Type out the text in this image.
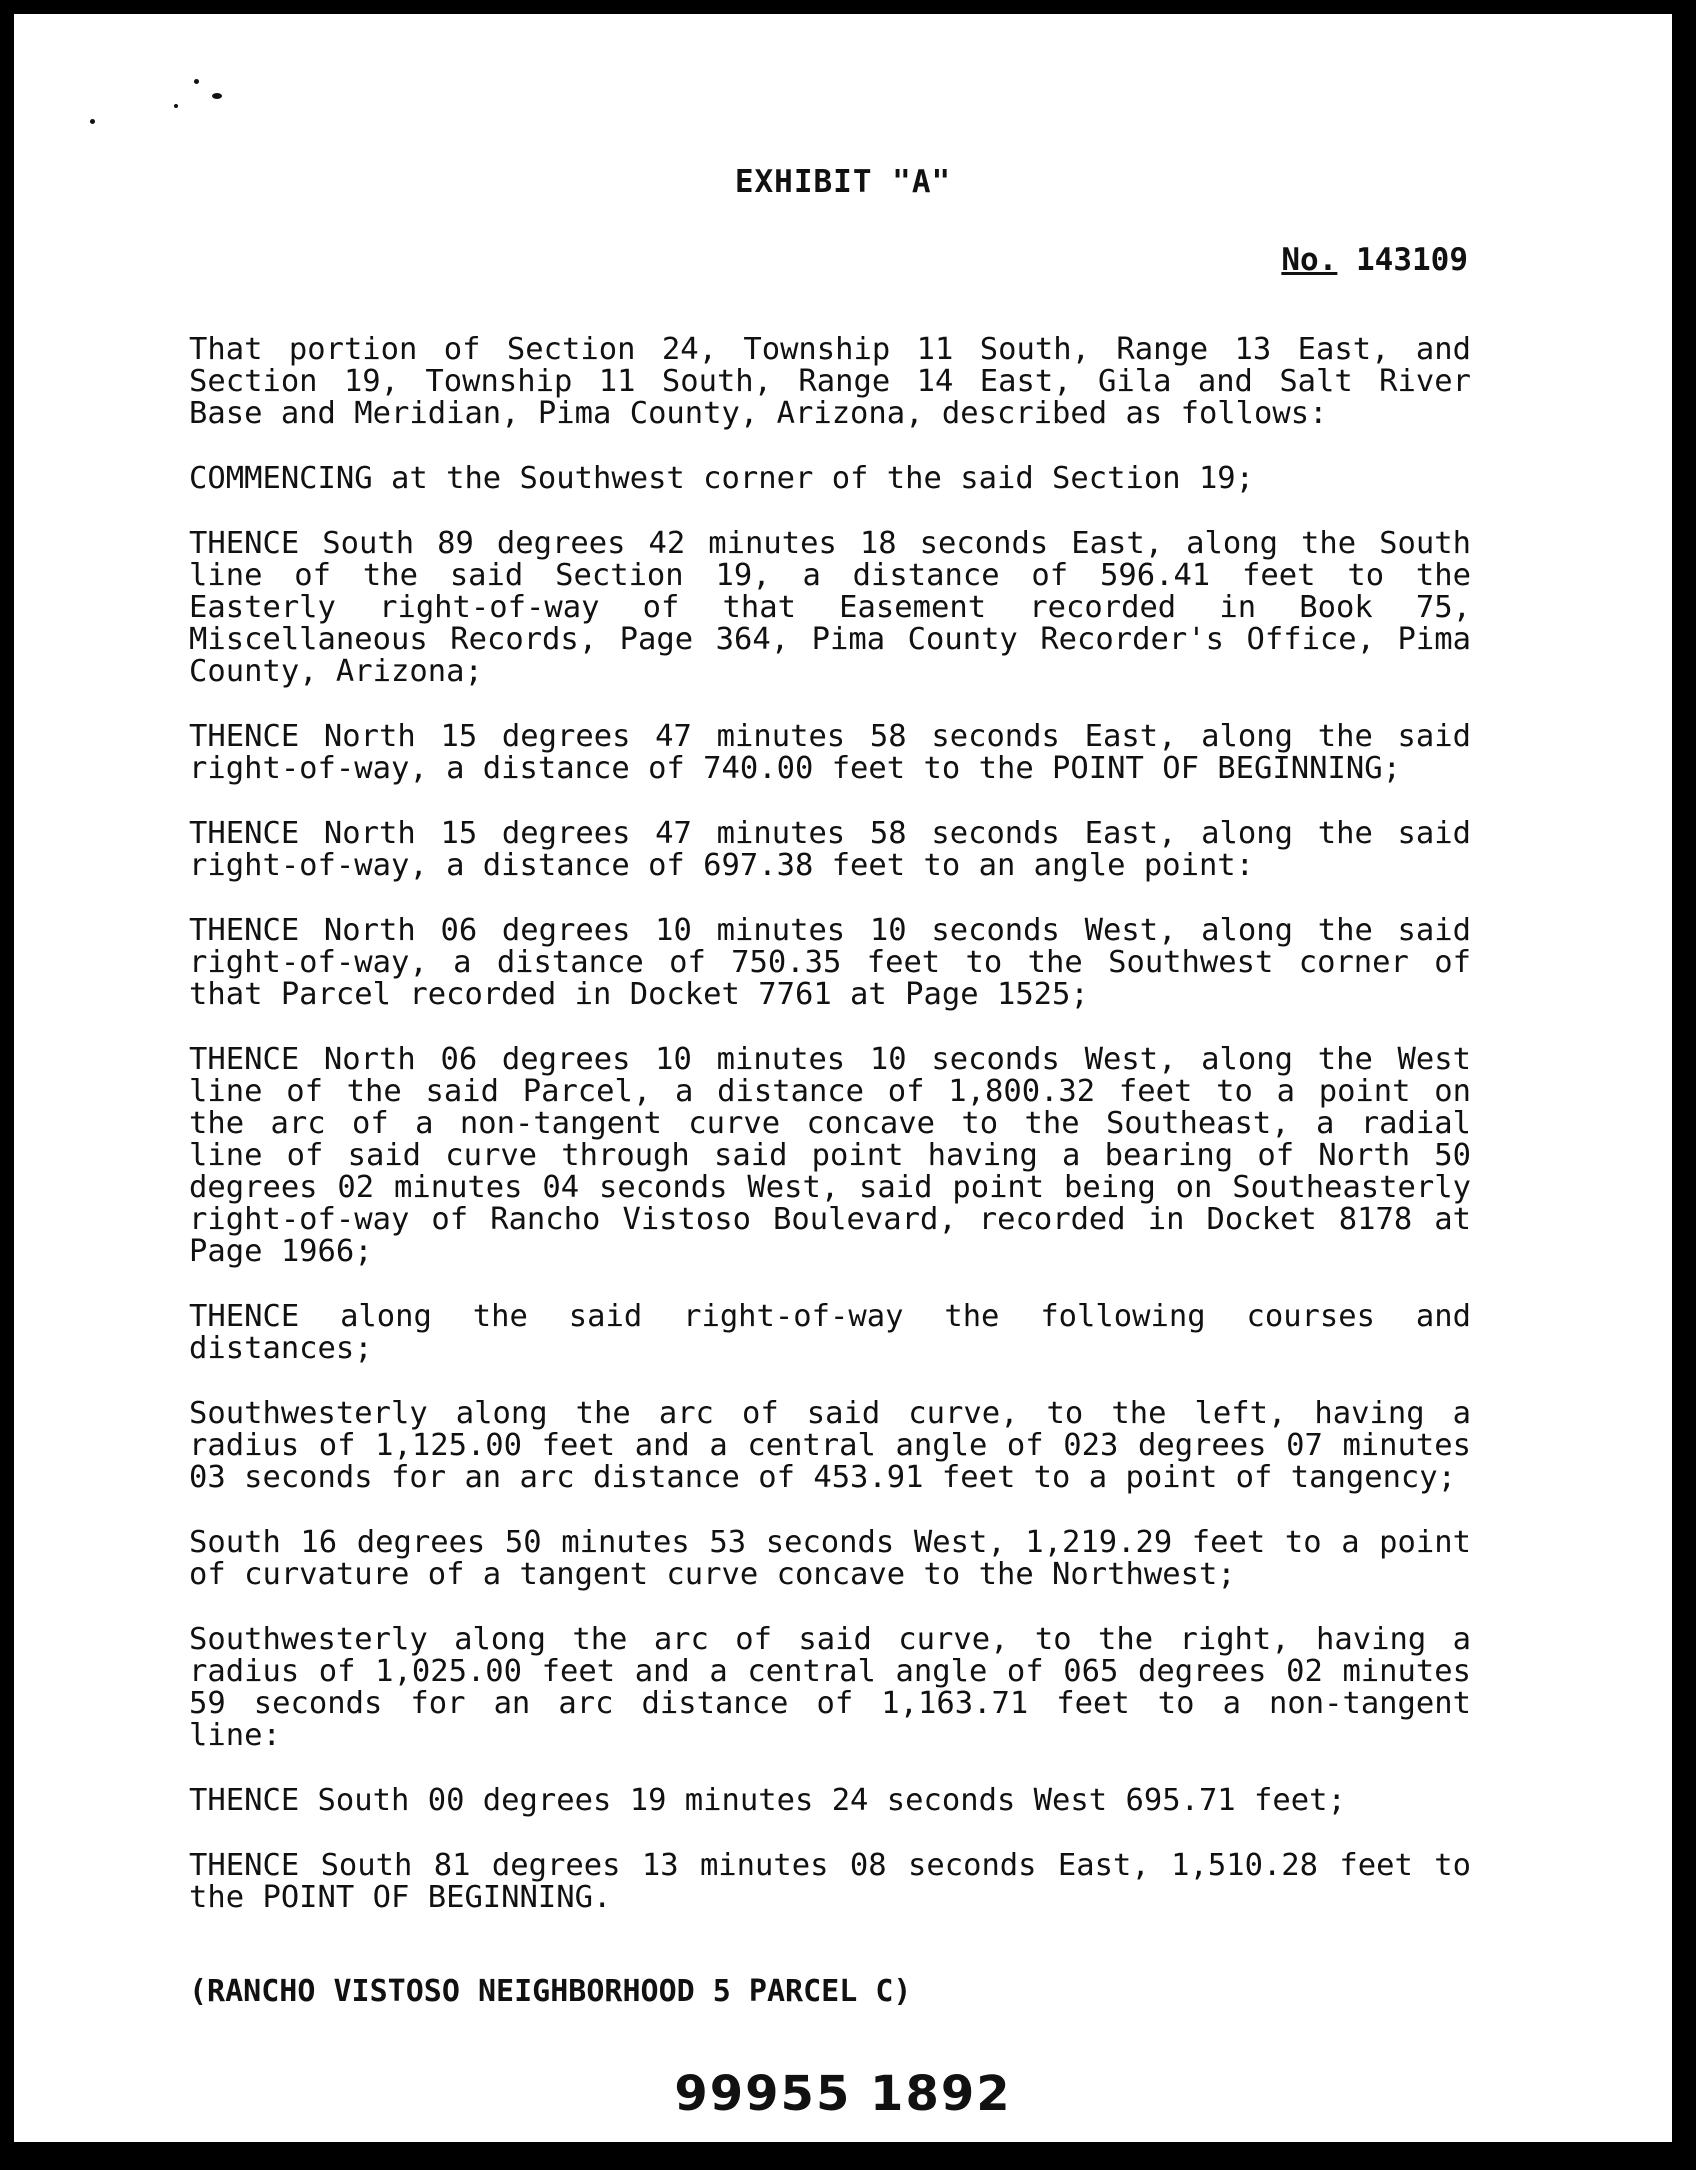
EXHIBIT "A"
No. 143109

That portion of Section 24, Township 11 South, Range 13 East, and Section 19, Township 11 South, Range 14 East, Gila and Salt River Base and Meridian, Pima County, Arizona, described as follows:

COMMENCING at the Southwest corner of the said Section 19;

THENCE South 89 degrees 42 minutes 18 seconds East, along the South line of the said Section 19, a distance of 596.41 feet to the Easterly right-of-way of that Easement recorded in Book 75, Miscellaneous Records, Page 364, Pima County Recorder's Office, Pima County, Arizona;

THENCE North 15 degrees 47 minutes 58 seconds East, along the said right-of-way, a distance of 740.00 feet to the POINT OF BEGINNING;

THENCE North 15 degrees 47 minutes 58 seconds East, along the said right-of-way, a distance of 697.38 feet to an angle point:

THENCE North 06 degrees 10 minutes 10 seconds West, along the said right-of-way, a distance of 750.35 feet to the Southwest corner of that Parcel recorded in Docket 7761 at Page 1525;

THENCE North 06 degrees 10 minutes 10 seconds West, along the West line of the said Parcel, a distance of 1,800.32 feet to a point on the arc of a non-tangent curve concave to the Southeast, a radial line of said curve through said point having a bearing of North 50 degrees 02 minutes 04 seconds West, said point being on Southeasterly right-of-way of Rancho Vistoso Boulevard, recorded in Docket 8178 at Page 1966;

THENCE along the said right-of-way the following courses and distances;

Southwesterly along the arc of said curve, to the left, having a radius of 1,125.00 feet and a central angle of 023 degrees 07 minutes 03 seconds for an arc distance of 453.91 feet to a point of tangency;

South 16 degrees 50 minutes 53 seconds West, 1,219.29 feet to a point of curvature of a tangent curve concave to the Northwest;

Southwesterly along the arc of said curve, to the right, having a radius of 1,025.00 feet and a central angle of 065 degrees 02 minutes 59 seconds for an arc distance of 1,163.71 feet to a non-tangent line:

THENCE South 00 degrees 19 minutes 24 seconds West 695.71 feet;

THENCE South 81 degrees 13 minutes 08 seconds East, 1,510.28 feet to the POINT OF BEGINNING.

(RANCHO VISTOSO NEIGHBORHOOD 5 PARCEL C)
99955 1892
